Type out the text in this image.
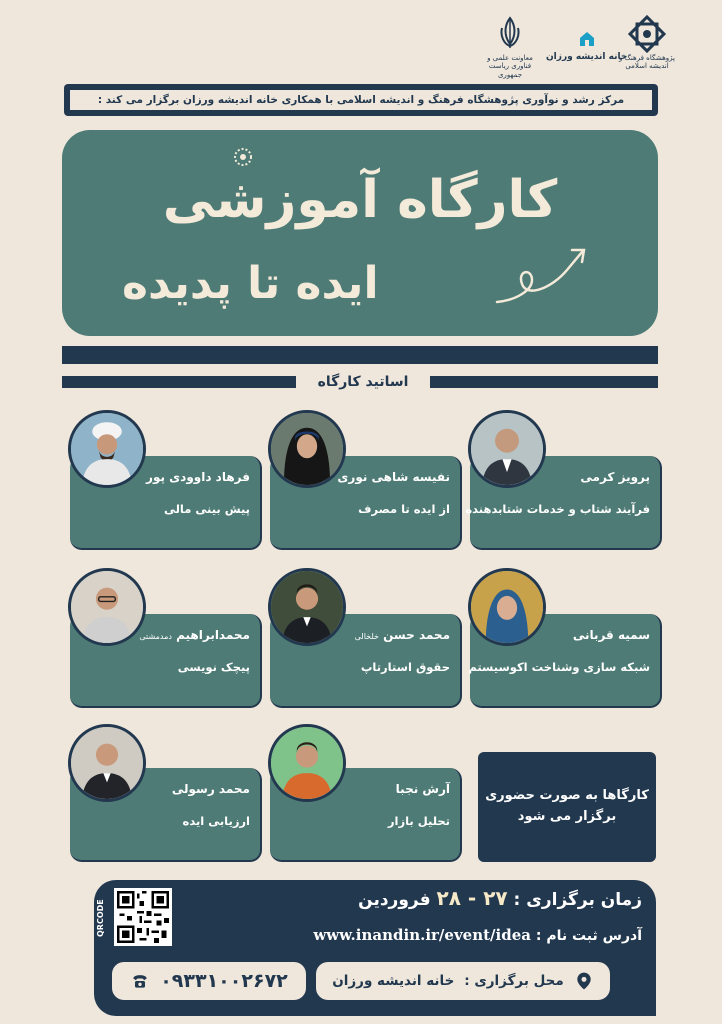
معاونت علمی و فناوری ریاست جمهوری
خانه اندیشه ورزان
پژوهشگاه فرهنگ و اندیشه اسلامی
مرکز رشد و نوآوری پژوهشگاه فرهنگ و اندیشه اسلامی با همکاری خانه اندیشه ورزان برگزار می کند :
کارگاه آموزشی
ایده تا پدیده
اساتید کارگاه
پرویز کرمی
فرآیند شتاب و خدمات شتابدهنده
نفیسه شاهی نوری
از ایده تا مصرف
فرهاد داوودی پور
پیش بینی مالی
سمیه قربانی
شبکه سازی وشناخت اکوسیستم
محمد حسن خلخالی
حقوق استارتاپ
محمدابراهیم دمدمشتی
پیچک نویسی
کارگاها به صورت حضوری
برگزار می شود
آرش نجبا
تحلیل بازار
محمد رسولی
ارزیابی ایده
QRCODE	زمان برگزاری : ۲۷ - ۲۸ فروردین
آدرس ثبت نام : www.inandin.ir/event/idea
۰۹۳۳۱۰۰۲۶۷۲	محل برگزاری :
خانه اندیشه ورزان
